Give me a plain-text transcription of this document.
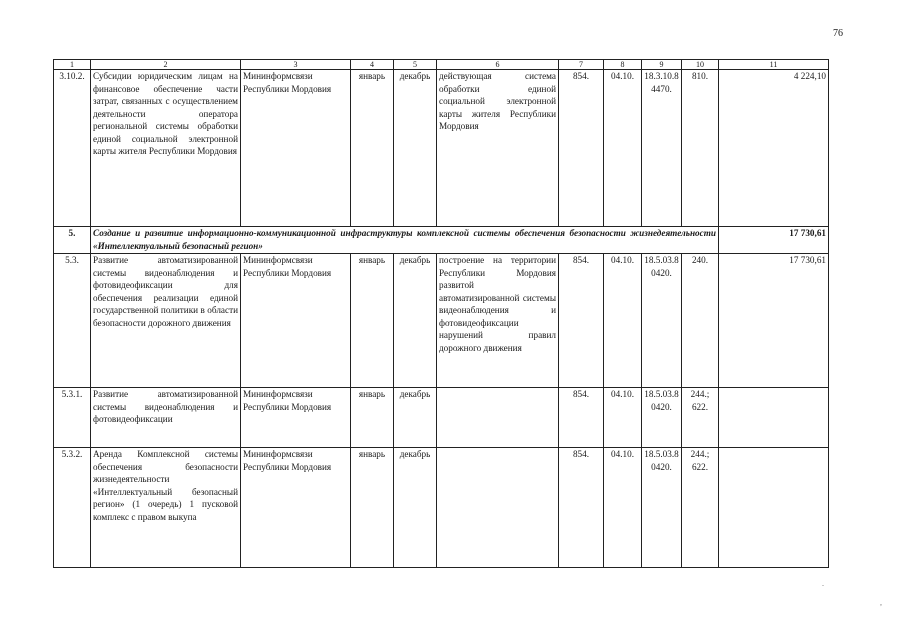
76
1	2	3	4	5	6	7	8	9	10	11
3.10.2.	Субсидии юридическим лицам на финансовое обеспечение части затрат, связанных с осуществлением деятельности оператора региональной системы обработки единой социальной электронной карты жителя Республики Мордовия	Мининформсвязи Республики Мордовия	январь	декабрь	действующая система обработки единой социальной электронной карты жителя Республики Мордовия	854.	04.10.	18.3.10.8 4470.	810.	4 224,10
5.	Создание и развитие информационно-коммуникационной инфраструктуры комплексной системы обеспечения безопасности жизнедеятельности «Интеллектуальный безопасный регион»									17 730,61
5.3.	Развитие автоматизированной системы видеонаблюдения и фотовидеофиксации для обеспечения реализации единой государственной политики в области безопасности дорожного движения	Мининформсвязи Республики Мордовия	январь	декабрь	построение на территории Республики Мордовия развитой автоматизированной системы видеонаблюдения и фотовидеофиксации нарушений правил дорожного движения	854.	04.10.	18.5.03.8 0420.	240.	17 730,61
5.3.1.	Развитие автоматизированной системы видеонаблюдения и фотовидеофиксации	Мининформсвязи Республики Мордовия	январь	декабрь		854.	04.10.	18.5.03.8 0420.	244.; 622.	
5.3.2.	Аренда Комплексной системы обеспечения безопасности жизнедеятельности «Интеллектуальный безопасный регион» (1 очередь) 1 пусковой комплекс с правом выкупа	Мининформсвязи Республики Мордовия	январь	декабрь		854.	04.10.	18.5.03.8 0420.	244.; 622.	
.
,
